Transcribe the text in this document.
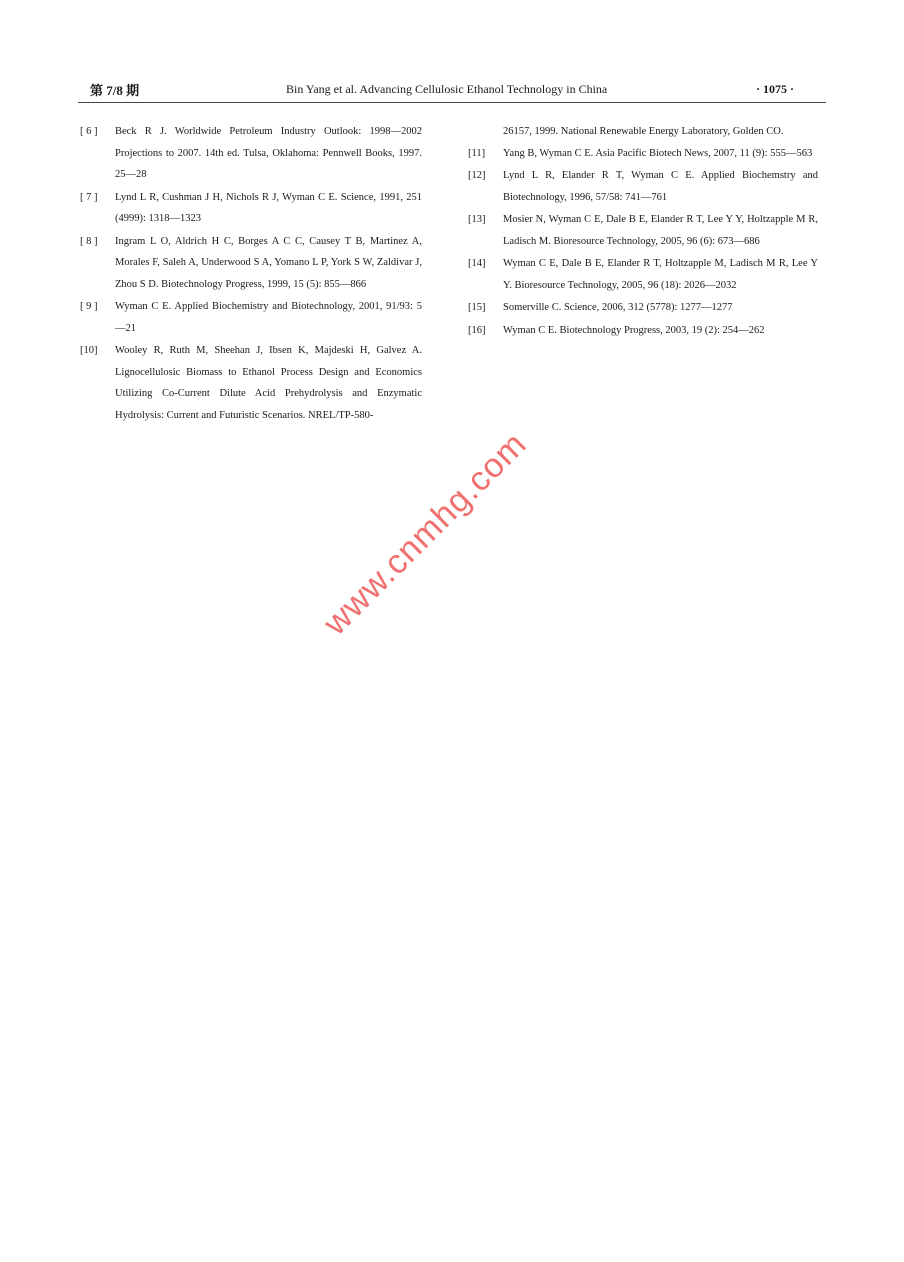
第 7/8 期	Bin Yang et al. Advancing Cellulosic Ethanol Technology in China	· 1075 ·
[ 6 ] Beck R J. Worldwide Petroleum Industry Outlook: 1998—2002 Projections to 2007. 14th ed. Tulsa, Oklahoma: Pennwell Books, 1997. 25—28
[ 7 ] Lynd L R, Cushman J H, Nichols R J, Wyman C E. Science, 1991, 251 (4999): 1318—1323
[ 8 ] Ingram L O, Aldrich H C, Borges A C C, Causey T B, Martinez A, Morales F, Saleh A, Underwood S A, Yomano L P, York S W, Zaldivar J, Zhou S D. Biotechnology Progress, 1999, 15 (5): 855—866
[ 9 ] Wyman C E. Applied Biochemistry and Biotechnology, 2001, 91/93: 5—21
[10] Wooley R, Ruth M, Sheehan J, Ibsen K, Majdeski H, Galvez A. Lignocellulosic Biomass to Ethanol Process Design and Economics Utilizing Co-Current Dilute Acid Prehydrolysis and Enzymatic Hydrolysis: Current and Futuristic Scenarios. NREL/TP-580-
26157, 1999. National Renewable Energy Laboratory, Golden CO.
[11] Yang B, Wyman C E. Asia Pacific Biotech News, 2007, 11 (9): 555—563
[12] Lynd L R, Elander R T, Wyman C E. Applied Biochemstry and Biotechnology, 1996, 57/58: 741—761
[13] Mosier N, Wyman C E, Dale B E, Elander R T, Lee Y Y, Holtzapple M R, Ladisch M. Bioresource Technology, 2005, 96 (6): 673—686
[14] Wyman C E, Dale B E, Elander R T, Holtzapple M, Ladisch M R, Lee Y Y. Bioresource Technology, 2005, 96 (18): 2026—2032
[15] Somerville C. Science, 2006, 312 (5778): 1277—1277
[16] Wyman C E. Biotechnology Progress, 2003, 19 (2): 254—262
www.cnmhg.com
